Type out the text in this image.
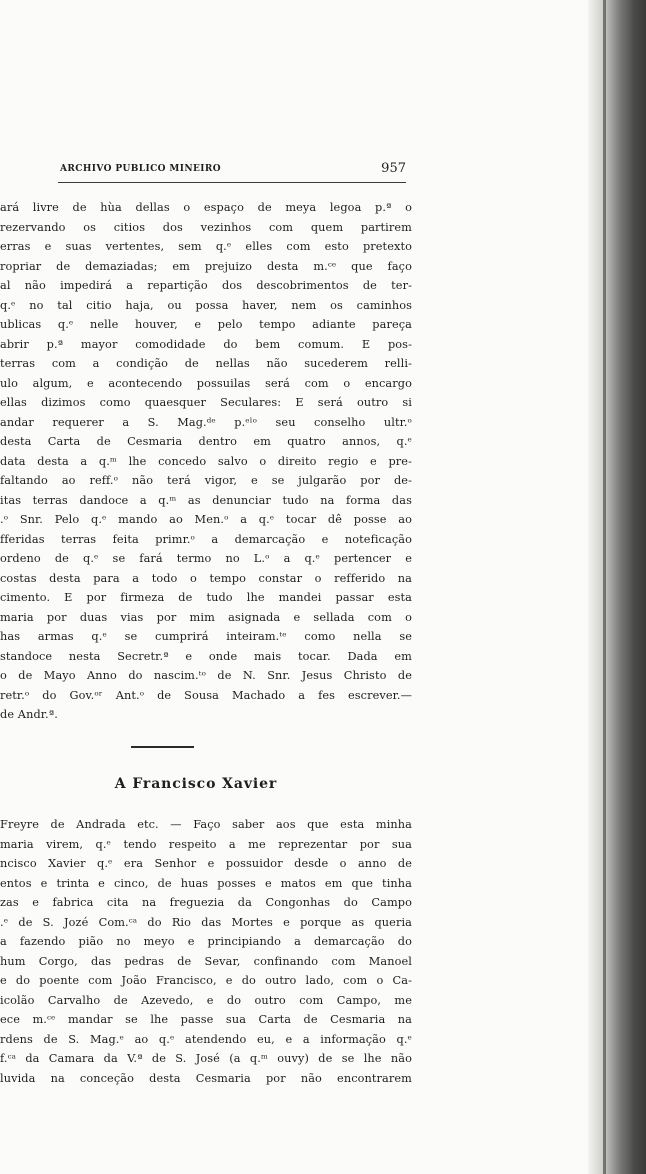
ARCHIVO PUBLICO MINEIRO	957
ará livre de hùa dellas o espaço de meya legoa p.ª o
rezervando os citios dos vezinhos com quem partirem
erras e suas vertentes, sem q.ᵉ elles com esto pretexto
ropriar de demaziadas; em prejuizo desta m.ᶜᵉ que faço
al não impedirá a repartição dos descobrimentos de ter-
q.ᵉ no tal citio haja, ou possa haver, nem os caminhos
ublicas q.ᵉ nelle houver, e pelo tempo adiante pareça
abrir p.ª mayor comodidade do bem comum. E pos-
terras com a condição de nellas não sucederem relli-
ulo algum, e acontecendo possuilas será com o encargo
ellas dizimos como quaesquer Seculares: E será outro si
andar requerer a S. Mag.ᵈᵉ p.ᵉˡᵒ seu conselho ultr.ᵒ
desta Carta de Cesmaria dentro em quatro annos, q.ᵉ
data desta a q.ᵐ lhe concedo salvo o direito regio e pre-
faltando ao reff.ᵒ não terá vigor, e se julgarão por de-
itas terras dandoce a q.ᵐ as denunciar tudo na forma das
.ᵒ Snr. Pelo q.ᵉ mando ao Men.ᵒ a q.ᵉ tocar dê posse ao
fferidas terras feita primr.ᵒ a demarcação e noteficação
ordeno de q.ᵉ se fará termo no L.ᵒ a q.ᵉ pertencer e
costas desta para a todo o tempo constar o refferido na
cimento. E por firmeza de tudo lhe mandei passar esta
maria por duas vias por mim asignada e sellada com o
has armas q.ᵉ se cumprirá inteiram.ᵗᵉ como nella se
standoce nesta Secretr.ª e onde mais tocar. Dada em
o de Mayo Anno do nascim.ᵗᵒ de N. Snr. Jesus Christo de
retr.ᵒ do Gov.ᵒʳ Ant.ᵒ de Sousa Machado a fes escrever.—
de Andr.ª.
A Francisco Xavier
Freyre de Andrada etc. — Faço saber aos que esta minha
maria virem, q.ᵉ tendo respeito a me reprezentar por sua
ncisco Xavier q.ᵉ era Senhor e possuidor desde o anno de
entos e trinta e cinco, de huas posses e matos em que tinha
zas e fabrica cita na freguezia da Congonhas do Campo
.ᵉ de S. Jozé Com.ᶜᵃ do Rio das Mortes e porque as queria
a fazendo pião no meyo e principiando a demarcação do
hum Corgo, das pedras de Sevar, confinando com Manoel
e do poente com João Francisco, e do outro lado, com o Ca-
icolão Carvalho de Azevedo, e do outro com Campo, me
ece m.ᶜᵉ mandar se lhe passe sua Carta de Cesmaria na
rdens de S. Mag.ᵉ ao q.ᵉ atendendo eu, e a informação q.ᵉ
f.ᶜᵃ da Camara da V.ª de S. José (a q.ᵐ ouvy) de se lhe não
luvida na conceção desta Cesmaria por não encontrarem
